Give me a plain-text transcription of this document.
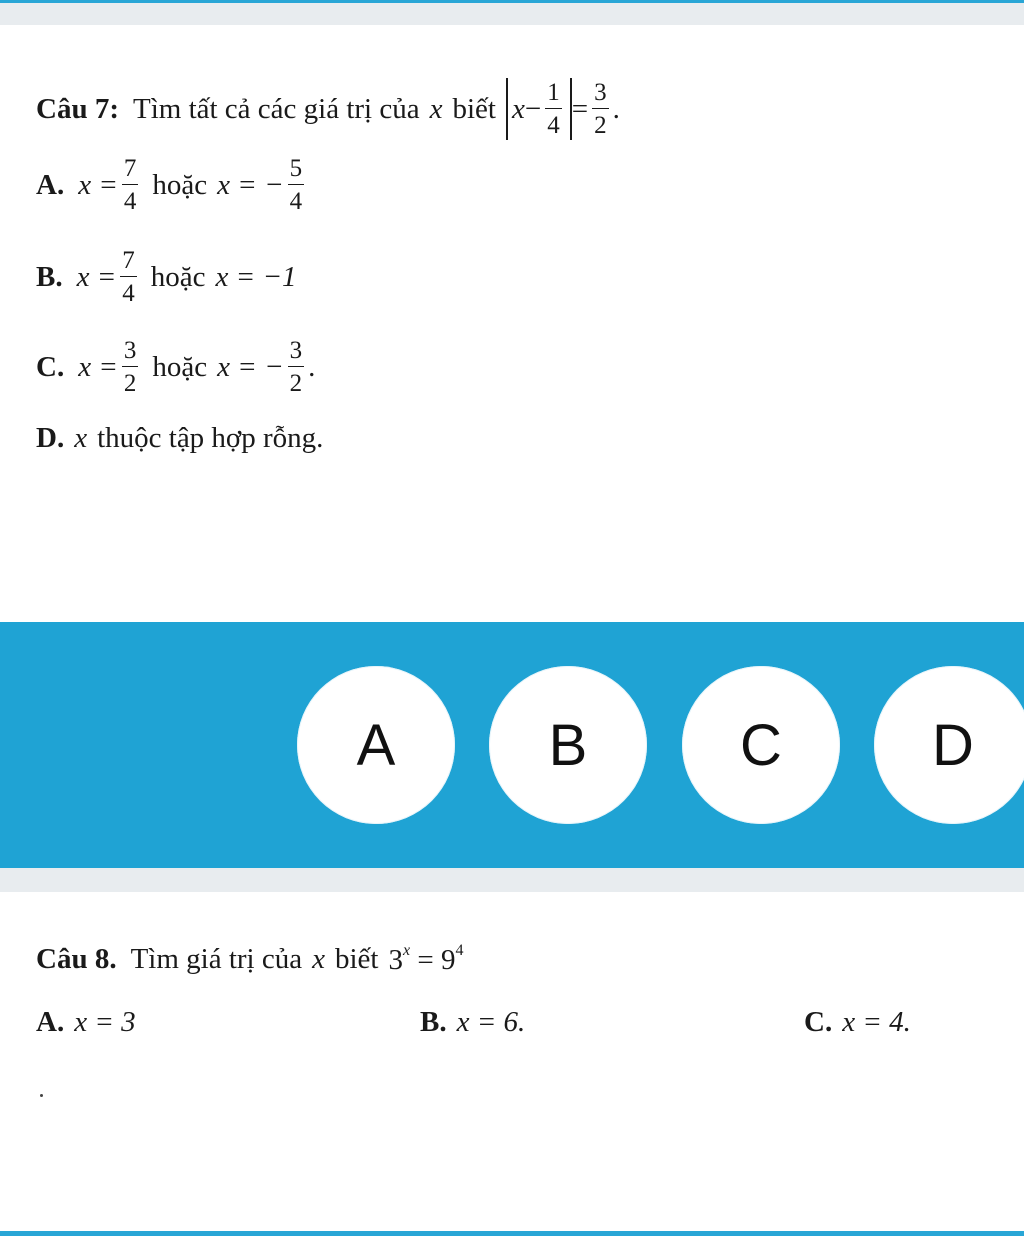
Câu 7: Tìm tất cả các giá trị của x biết $x - \frac{1}{4} = \frac{3}{2}$ .
A. $x = \frac{7}{4}$ hoặc x = − $\frac{5}{4}$
B. $x = \frac{7}{4}$ hoặc x = −1
C. $x = \frac{3}{2}$ hoặc x = − $\frac{3}{2}$ .
D. x thuộc tập hợp rỗng.
A	B	C	D
Câu 8. Tìm giá trị của x biết $3^x = 9^4$
A. x = 3	B. x = 6.	C. x = 4.
